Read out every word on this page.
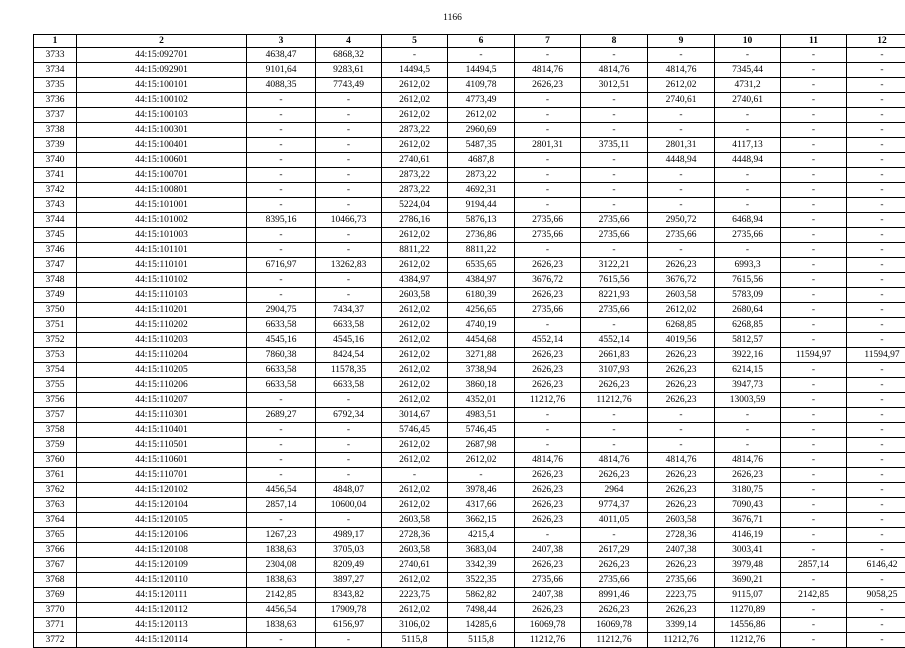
1166
1	2	3	4	5	6	7	8	9	10	11	12
3733	44:15:092701	4638,47	6868,32	-	-	-	-	-	-	-	-
3734	44:15:092901	9101,64	9283,61	14494,5	14494,5	4814,76	4814,76	4814,76	7345,44	-	-
3735	44:15:100101	4088,35	7743,49	2612,02	4109,78	2626,23	3012,51	2612,02	4731,2	-	-
3736	44:15:100102	-	-	2612,02	4773,49	-	-	2740,61	2740,61	-	-
3737	44:15:100103	-	-	2612,02	2612,02	-	-	-	-	-	-
3738	44:15:100301	-	-	2873,22	2960,69	-	-	-	-	-	-
3739	44:15:100401	-	-	2612,02	5487,35	2801,31	3735,11	2801,31	4117,13	-	-
3740	44:15:100601	-	-	2740,61	4687,8	-	-	4448,94	4448,94	-	-
3741	44:15:100701	-	-	2873,22	2873,22	-	-	-	-	-	-
3742	44:15:100801	-	-	2873,22	4692,31	-	-	-	-	-	-
3743	44:15:101001	-	-	5224,04	9194,44	-	-	-	-	-	-
3744	44:15:101002	8395,16	10466,73	2786,16	5876,13	2735,66	2735,66	2950,72	6468,94	-	-
3745	44:15:101003	-	-	2612,02	2736,86	2735,66	2735,66	2735,66	2735,66	-	-
3746	44:15:101101	-	-	8811,22	8811,22	-	-	-	-	-	-
3747	44:15:110101	6716,97	13262,83	2612,02	6535,65	2626,23	3122,21	2626,23	6993,3	-	-
3748	44:15:110102	-	-	4384,97	4384,97	3676,72	7615,56	3676,72	7615,56	-	-
3749	44:15:110103	-	-	2603,58	6180,39	2626,23	8221,93	2603,58	5783,09	-	-
3750	44:15:110201	2904,75	7434,37	2612,02	4256,65	2735,66	2735,66	2612,02	2680,64	-	-
3751	44:15:110202	6633,58	6633,58	2612,02	4740,19	-	-	6268,85	6268,85	-	-
3752	44:15:110203	4545,16	4545,16	2612,02	4454,68	4552,14	4552,14	4019,56	5812,57	-	-
3753	44:15:110204	7860,38	8424,54	2612,02	3271,88	2626,23	2661,83	2626,23	3922,16	11594,97	11594,97
3754	44:15:110205	6633,58	11578,35	2612,02	3738,94	2626,23	3107,93	2626,23	6214,15	-	-
3755	44:15:110206	6633,58	6633,58	2612,02	3860,18	2626,23	2626,23	2626,23	3947,73	-	-
3756	44:15:110207	-	-	2612,02	4352,01	11212,76	11212,76	2626,23	13003,59	-	-
3757	44:15:110301	2689,27	6792,34	3014,67	4983,51	-	-	-	-	-	-
3758	44:15:110401	-	-	5746,45	5746,45	-	-	-	-	-	-
3759	44:15:110501	-	-	2612,02	2687,98	-	-	-	-	-	-
3760	44:15:110601	-	-	2612,02	2612,02	4814,76	4814,76	4814,76	4814,76	-	-
3761	44:15:110701	-	-	-	-	2626,23	2626,23	2626,23	2626,23	-	-
3762	44:15:120102	4456,54	4848,07	2612,02	3978,46	2626,23	2964	2626,23	3180,75	-	-
3763	44:15:120104	2857,14	10600,04	2612,02	4317,66	2626,23	9774,37	2626,23	7090,43	-	-
3764	44:15:120105	-	-	2603,58	3662,15	2626,23	4011,05	2603,58	3676,71	-	-
3765	44:15:120106	1267,23	4989,17	2728,36	4215,4	-	-	2728,36	4146,19	-	-
3766	44:15:120108	1838,63	3705,03	2603,58	3683,04	2407,38	2617,29	2407,38	3003,41	-	-
3767	44:15:120109	2304,08	8209,49	2740,61	3342,39	2626,23	2626,23	2626,23	3979,48	2857,14	6146,42
3768	44:15:120110	1838,63	3897,27	2612,02	3522,35	2735,66	2735,66	2735,66	3690,21	-	-
3769	44:15:120111	2142,85	8343,82	2223,75	5862,82	2407,38	8991,46	2223,75	9115,07	2142,85	9058,25
3770	44:15:120112	4456,54	17909,78	2612,02	7498,44	2626,23	2626,23	2626,23	11270,89	-	-
3771	44:15:120113	1838,63	6156,97	3106,02	14285,6	16069,78	16069,78	3399,14	14556,86	-	-
3772	44:15:120114	-	-	5115,8	5115,8	11212,76	11212,76	11212,76	11212,76	-	-
